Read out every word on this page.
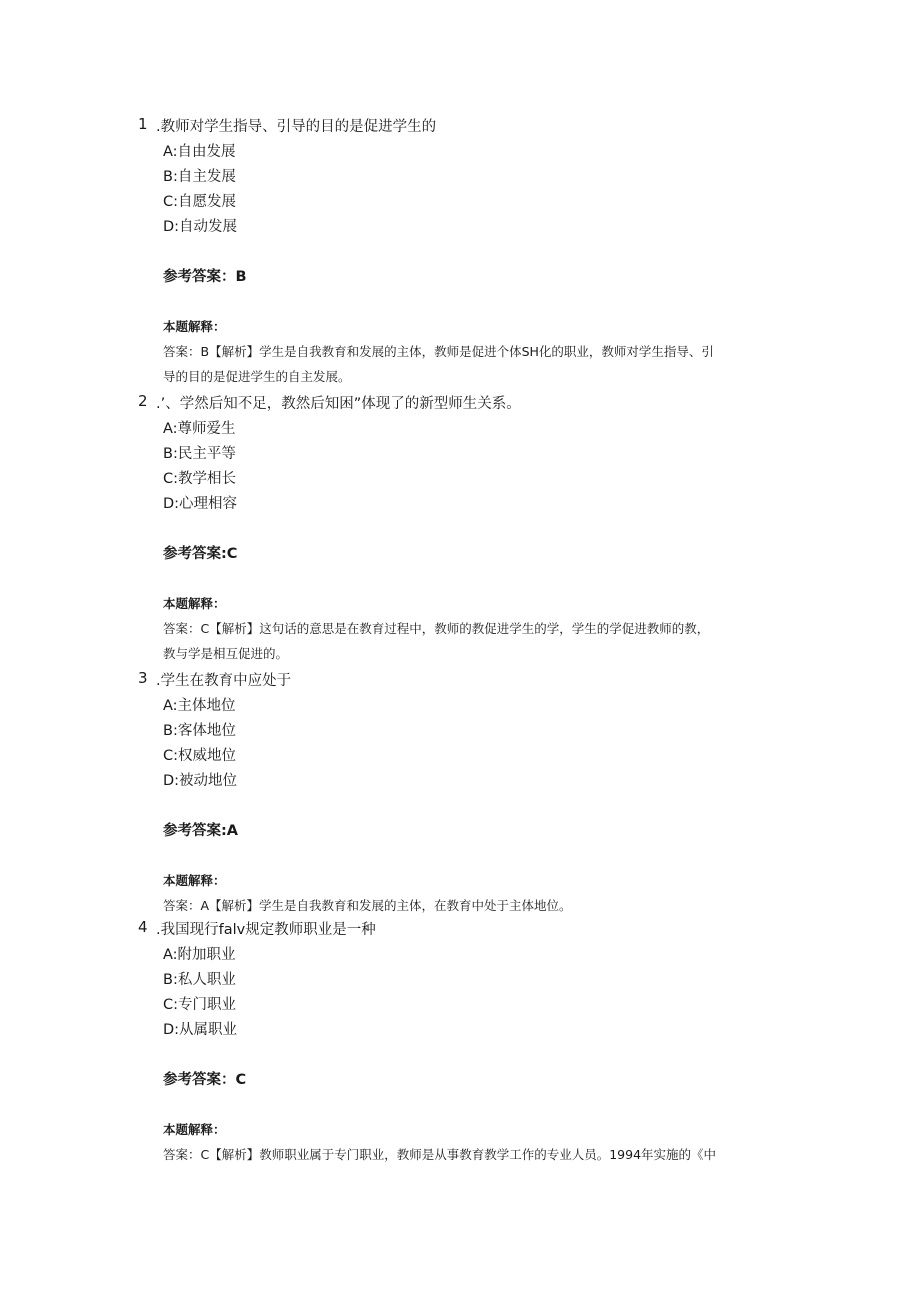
1 .教师对学生指导、引导的目的是促进学生的
A:自由发展
B:自主发展
C:自愿发展
D:自动发展
参考答案：B
本题解释：
答案：B【解析】学生是自我教育和发展的主体，教师是促进个体SH化的职业，教师对学生指导、引
导的目的是促进学生的自主发展。
2 .’、学然后知不足，教然后知困”体现了的新型师生关系。
A:尊师爱生
B:民主平等
C:教学相长
D:心理相容
参考答案:C
本题解释：
答案：C【解析】这句话的意思是在教育过程中，教师的教促进学生的学，学生的学促进教师的教，
教与学是相互促进的。
3 .学生在教育中应处于
A:主体地位
B:客体地位
C:权威地位
D:被动地位
参考答案:A
本题解释：
答案：A【解析】学生是自我教育和发展的主体，在教育中处于主体地位。
4 .我国现行falv规定教师职业是一种
A:附加职业
B:私人职业
C:专门职业
D:从属职业
参考答案：C
本题解释：
答案：C【解析】教师职业属于专门职业，教师是从事教育教学工作的专业人员。1994年实施的《中
